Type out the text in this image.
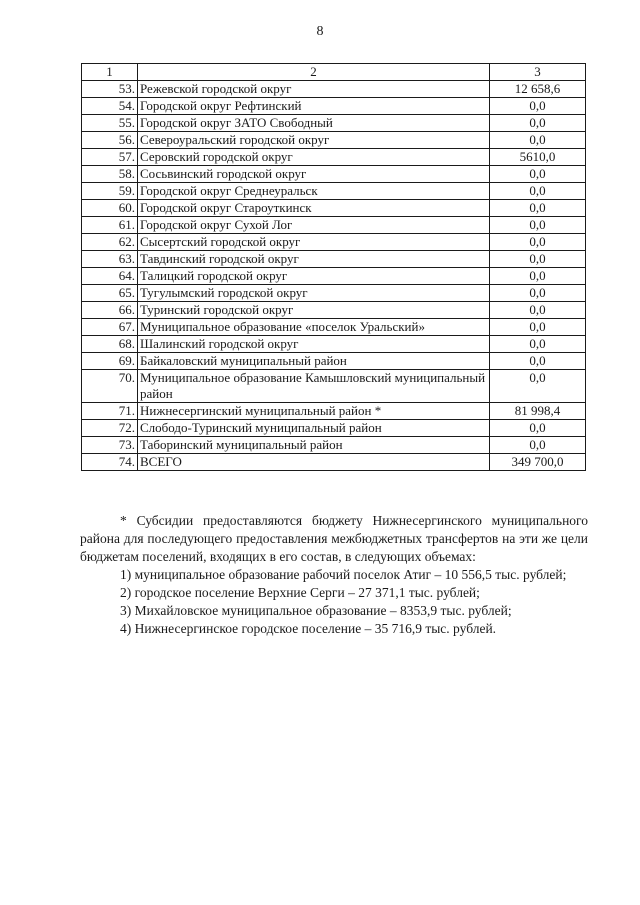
8
1	2	3
53.	Режевской городской округ	12 658,6
54.	Городской округ Рефтинский	0,0
55.	Городской округ ЗАТО Свободный	0,0
56.	Североуральский городской округ	0,0
57.	Серовский городской округ	5610,0
58.	Сосьвинский городской округ	0,0
59.	Городской округ Среднеуральск	0,0
60.	Городской округ Староуткинск	0,0
61.	Городской округ Сухой Лог	0,0
62.	Сысертский городской округ	0,0
63.	Тавдинский городской округ	0,0
64.	Талицкий городской округ	0,0
65.	Тугулымский городской округ	0,0
66.	Туринский городской округ	0,0
67.	Муниципальное образование «поселок Уральский»	0,0
68.	Шалинский городской округ	0,0
69.	Байкаловский муниципальный район	0,0
70.	Муниципальное образование Камышловский муниципальный район	0,0
71.	Нижнесергинский муниципальный район *	81 998,4
72.	Слободо-Туринский муниципальный район	0,0
73.	Таборинский муниципальный район	0,0
74.	ВСЕГО	349 700,0

* Субсидии предоставляются бюджету Нижнесергинского муниципального района для последующего предоставления межбюджетных трансфертов на эти же цели бюджетам поселений, входящих в его состав, в следующих объемах:

1) муниципальное образование рабочий поселок Атиг – 10 556,5 тыс. рублей;

2) городское поселение Верхние Серги – 27 371,1 тыс. рублей;

3) Михайловское муниципальное образование – 8353,9 тыс. рублей;

4) Нижнесергинское городское поселение – 35 716,9 тыс. рублей.
